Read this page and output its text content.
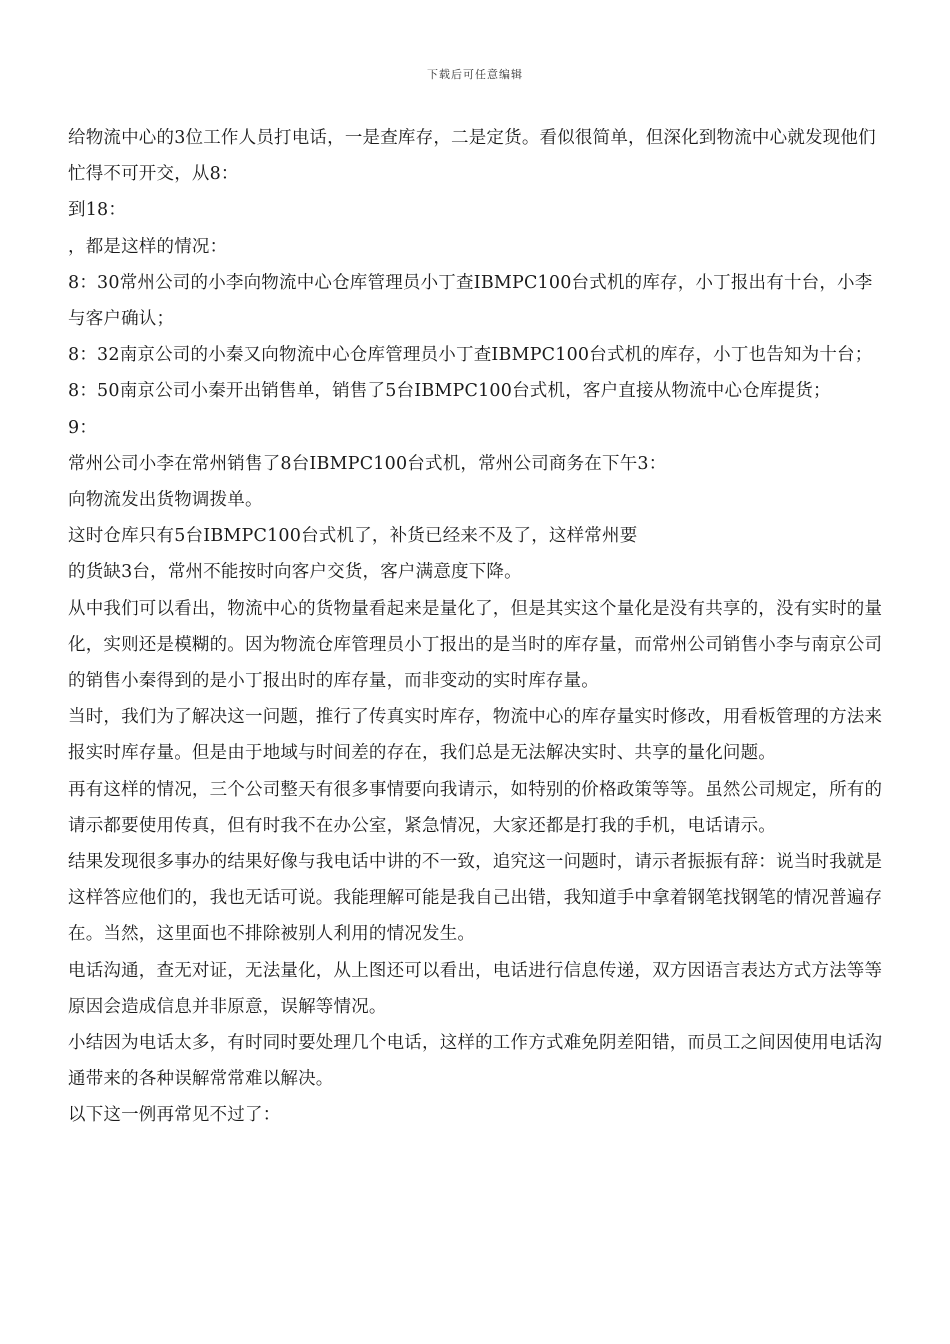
下载后可任意编辑

给物流中心的3位工作人员打电话，一是查库存，二是定货。看似很简单，但深化到物流中心就发现他们忙得不可开交，从8：

到18：

，都是这样的情况：

8：30常州公司的小李向物流中心仓库管理员小丁查IBMPC100台式机的库存，小丁报出有十台，小李与客户确认；

8：32南京公司的小秦又向物流中心仓库管理员小丁查IBMPC100台式机的库存，小丁也告知为十台；

8：50南京公司小秦开出销售单，销售了5台IBMPC100台式机，客户直接从物流中心仓库提货；

9：

常州公司小李在常州销售了8台IBMPC100台式机，常州公司商务在下午3：

向物流发出货物调拨单。

这时仓库只有5台IBMPC100台式机了，补货已经来不及了，这样常州要

的货缺3台，常州不能按时向客户交货，客户满意度下降。

从中我们可以看出，物流中心的货物量看起来是量化了，但是其实这个量化是没有共享的，没有实时的量化，实则还是模糊的。因为物流仓库管理员小丁报出的是当时的库存量，而常州公司销售小李与南京公司的销售小秦得到的是小丁报出时的库存量，而非变动的实时库存量。

当时，我们为了解决这一问题，推行了传真实时库存，物流中心的库存量实时修改，用看板管理的方法来报实时库存量。但是由于地域与时间差的存在，我们总是无法解决实时、共享的量化问题。

再有这样的情况，三个公司整天有很多事情要向我请示，如特别的价格政策等等。虽然公司规定，所有的请示都要使用传真，但有时我不在办公室，紧急情况，大家还都是打我的手机，电话请示。

结果发现很多事办的结果好像与我电话中讲的不一致，追究这一问题时，请示者振振有辞：说当时我就是这样答应他们的，我也无话可说。我能理解可能是我自己出错，我知道手中拿着钢笔找钢笔的情况普遍存在。当然，这里面也不排除被别人利用的情况发生。

电话沟通，查无对证，无法量化，从上图还可以看出，电话进行信息传递，双方因语言表达方式方法等等原因会造成信息并非原意，误解等情况。

小结因为电话太多，有时同时要处理几个电话，这样的工作方式难免阴差阳错，而员工之间因使用电话沟通带来的各种误解常常难以解决。

以下这一例再常见不过了：
